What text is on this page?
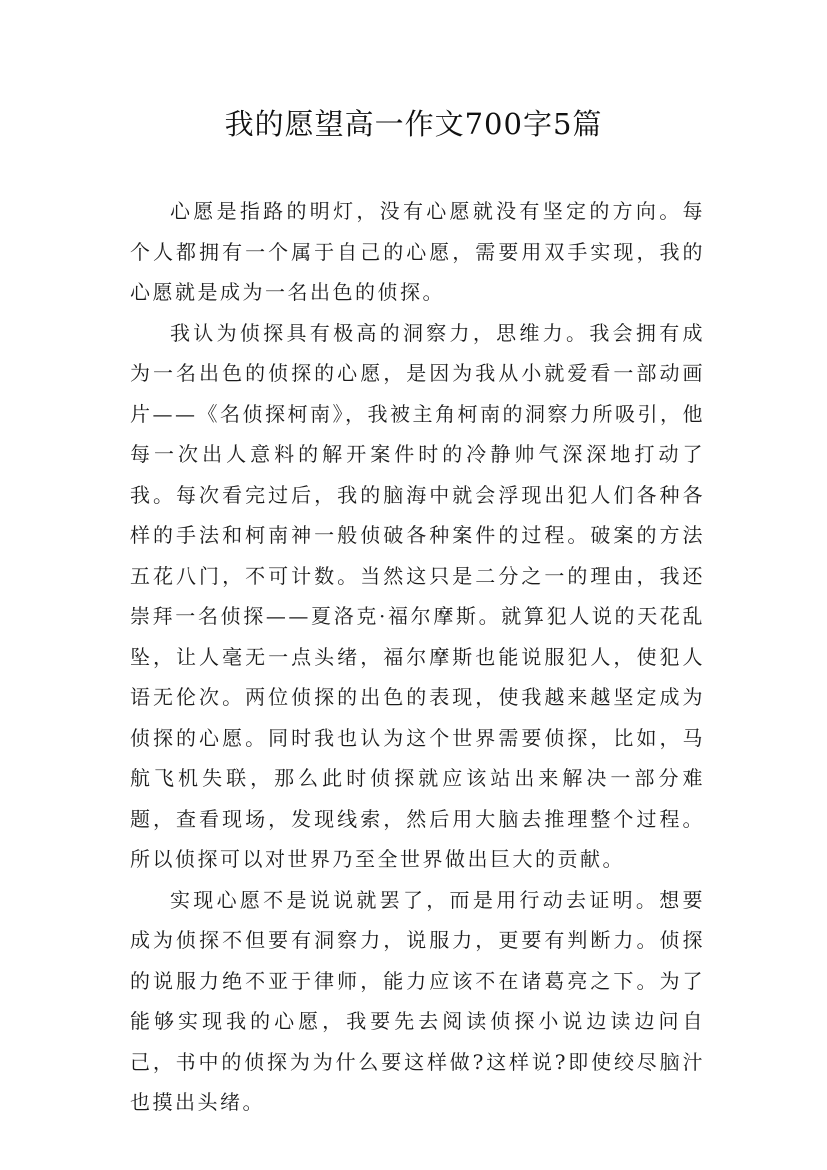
我的愿望高一作文700字5篇

心愿是指路的明灯，没有心愿就没有坚定的方向。每个人都拥有一个属于自己的心愿，需要用双手实现，我的心愿就是成为一名出色的侦探。

我认为侦探具有极高的洞察力，思维力。我会拥有成为一名出色的侦探的心愿，是因为我从小就爱看一部动画片——《名侦探柯南》，我被主角柯南的洞察力所吸引，他每一次出人意料的解开案件时的冷静帅气深深地打动了我。每次看完过后，我的脑海中就会浮现出犯人们各种各样的手法和柯南神一般侦破各种案件的过程。破案的方法五花八门，不可计数。当然这只是二分之一的理由，我还崇拜一名侦探——夏洛克·福尔摩斯。就算犯人说的天花乱坠，让人毫无一点头绪，福尔摩斯也能说服犯人，使犯人语无伦次。两位侦探的出色的表现，使我越来越坚定成为侦探的心愿。同时我也认为这个世界需要侦探，比如，马航飞机失联，那么此时侦探就应该站出来解决一部分难题，查看现场，发现线索，然后用大脑去推理整个过程。所以侦探可以对世界乃至全世界做出巨大的贡献。

实现心愿不是说说就罢了，而是用行动去证明。想要成为侦探不但要有洞察力，说服力，更要有判断力。侦探的说服力绝不亚于律师，能力应该不在诸葛亮之下。为了能够实现我的心愿，我要先去阅读侦探小说边读边问自己，书中的侦探为为什么要这样做?这样说?即使绞尽脑汁也摸出头绪。
